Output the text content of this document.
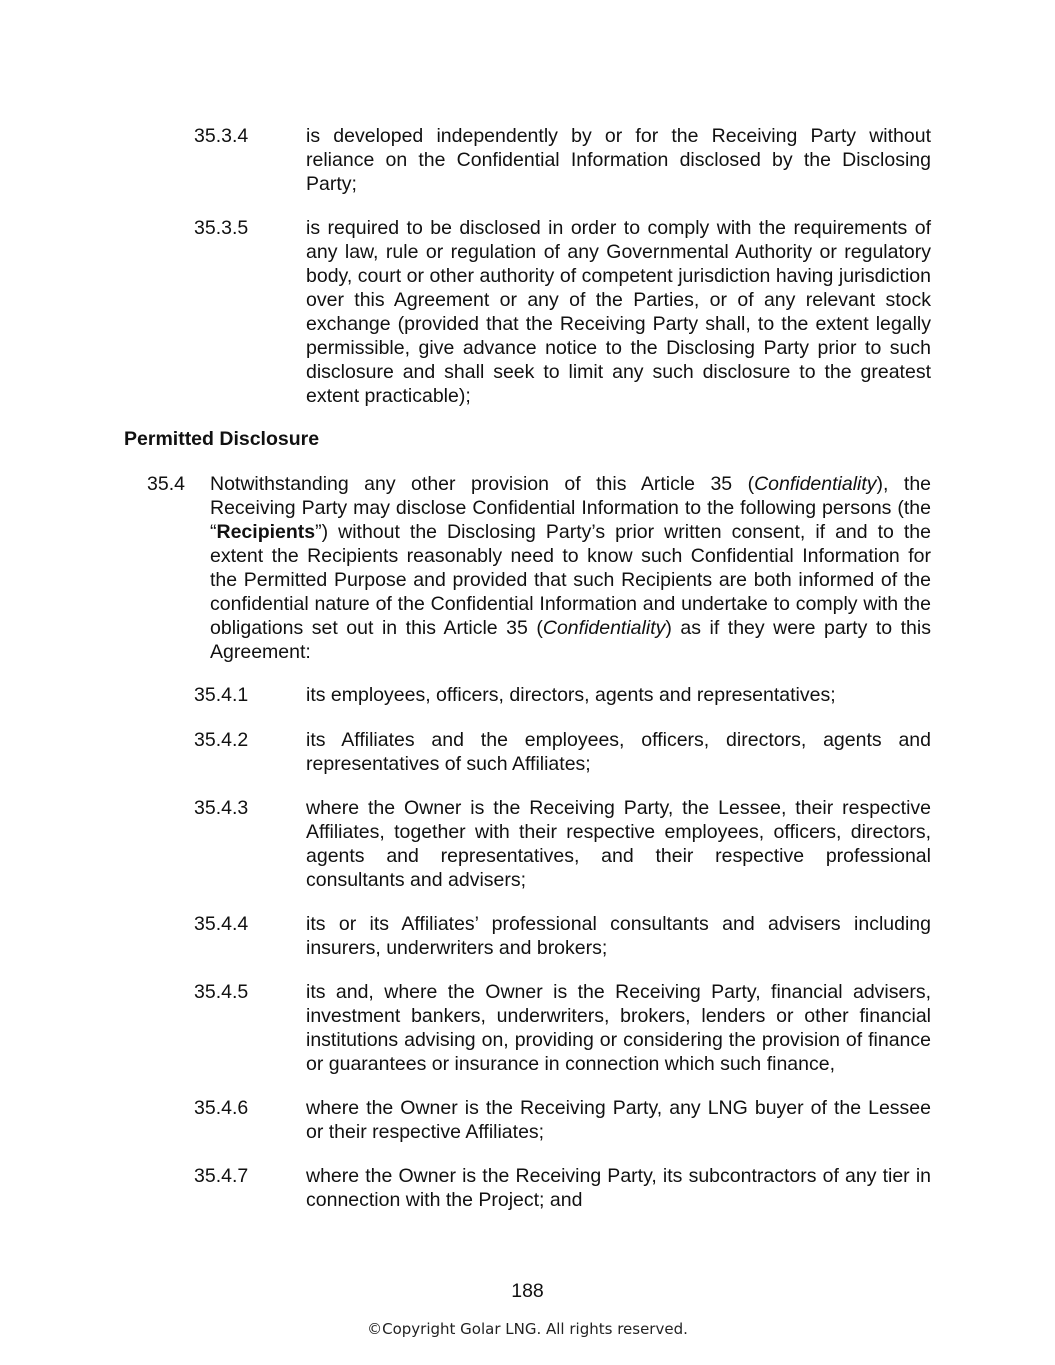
35.3.4	is developed independently by or for the Receiving Party without reliance on the Confidential Information disclosed by the Disclosing Party;
35.3.5	is required to be disclosed in order to comply with the requirements of any law, rule or regulation of any Governmental Authority or regulatory body, court or other authority of competent jurisdiction having jurisdiction over this Agreement or any of the Parties, or of any relevant stock exchange (provided that the Receiving Party shall, to the extent legally permissible, give advance notice to the Disclosing Party prior to such disclosure and shall seek to limit any such disclosure to the greatest extent practicable);
Permitted Disclosure
35.4 Notwithstanding any other provision of this Article 35 (Confidentiality), the Receiving Party may disclose Confidential Information to the following persons (the “Recipients”) without the Disclosing Party’s prior written consent, if and to the extent the Recipients reasonably need to know such Confidential Information for the Permitted Purpose and provided that such Recipients are both informed of the confidential nature of the Confidential Information and undertake to comply with the obligations set out in this Article 35 (Confidentiality) as if they were party to this Agreement:
35.4.1	its employees, officers, directors, agents and representatives;
35.4.2	its Affiliates and the employees, officers, directors, agents and representatives of such Affiliates;
35.4.3	where the Owner is the Receiving Party, the Lessee, their respective Affiliates, together with their respective employees, officers, directors, agents and representatives, and their respective professional consultants and advisers;
35.4.4	its or its Affiliates’ professional consultants and advisers including insurers, underwriters and brokers;
35.4.5	its and, where the Owner is the Receiving Party, financial advisers, investment bankers, underwriters, brokers, lenders or other financial institutions advising on, providing or considering the provision of finance or guarantees or insurance in connection which such finance,
35.4.6	where the Owner is the Receiving Party, any LNG buyer of the Lessee or their respective Affiliates;
35.4.7	where the Owner is the Receiving Party, its subcontractors of any tier in connection with the Project; and
188
©Copyright Golar LNG. All rights reserved.
